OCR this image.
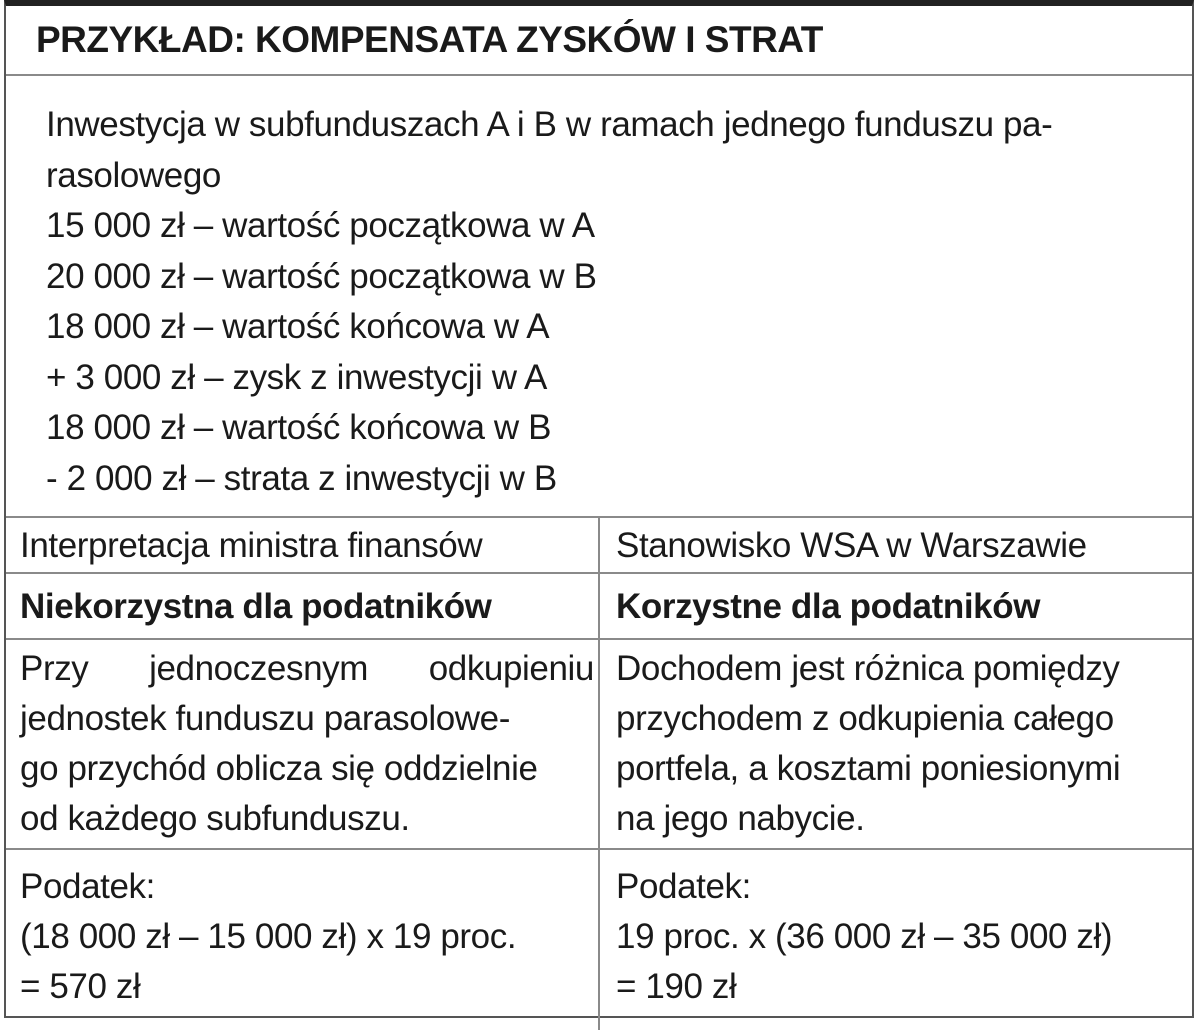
PRZYKŁAD: KOMPENSATA ZYSKÓW I STRAT
Inwestycja w subfunduszach A i B w ramach jednego funduszu pa-
rasolowego
15 000 zł – wartość początkowa w A
20 000 zł – wartość początkowa w B
18 000 zł – wartość końcowa w A
+ 3 000 zł – zysk z inwestycji w A
18 000 zł – wartość końcowa w B
- 2 000 zł – strata z inwestycji w B
Interpretacja ministra finansów	Stanowisko WSA w Warszawie
Niekorzystna dla podatników	Korzystne dla podatników
Przy jednoczesnym odkupieniu
jednostek funduszu parasolowe-
go przychód oblicza się oddzielnie
od każdego subfunduszu.
Dochodem jest różnica pomiędzy
przychodem z odkupienia całego
portfela, a kosztami poniesionymi
na jego nabycie.
Podatek:
(18 000 zł – 15 000 zł) x 19 proc.
= 570 zł
Podatek:
19 proc. x (36 000 zł – 35 000 zł)
= 190 zł
